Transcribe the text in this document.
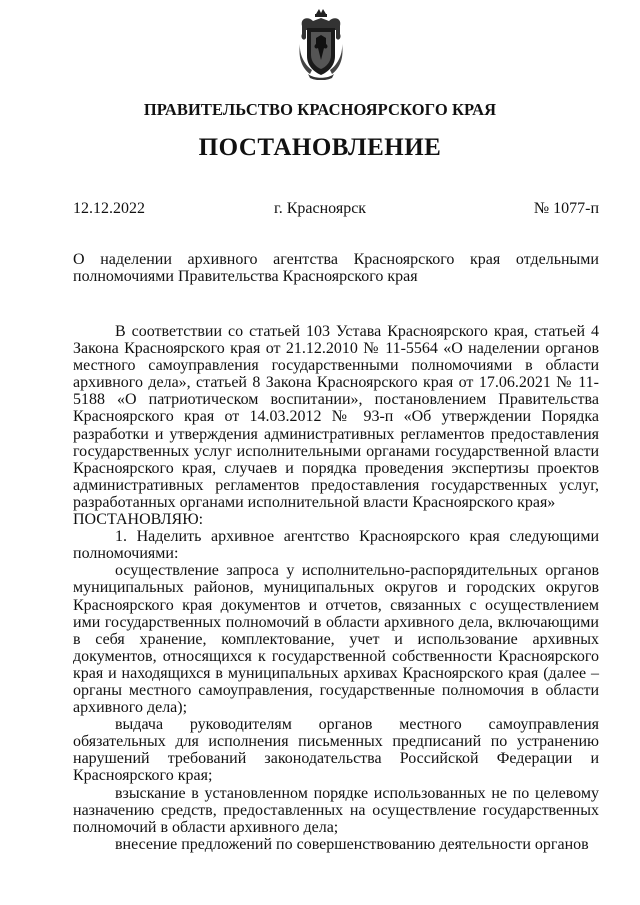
ПРАВИТЕЛЬСТВО КРАСНОЯРСКОГО КРАЯ
ПОСТАНОВЛЕНИЕ
12.12.2022	г. Красноярск	№ 1077-п
О наделении архивного агентства Красноярского края отдельными полномочиями Правительства Красноярского края

В соответствии со статьей 103 Устава Красноярского края, статьей 4 Закона Красноярского края от 21.12.2010 № 11-5564 «О наделении органов местного самоуправления государственными полномочиями в области архивного дела», статьей 8 Закона Красноярского края от 17.06.2021 № 11-5188 «О патриотическом воспитании», постановлением Правительства Красноярского края от 14.03.2012 № 93-п «Об утверждении Порядка разработки и утверждения административных регламентов предоставления государственных услуг исполнительными органами государственной власти Красноярского края, случаев и порядка проведения экспертизы проектов административных регламентов предоставления государственных услуг, разработанных органами исполнительной власти Красноярского края»

ПОСТАНОВЛЯЮ:

1. Наделить архивное агентство Красноярского края следующими полномочиями:

осуществление запроса у исполнительно-распорядительных органов муниципальных районов, муниципальных округов и городских округов Красноярского края документов и отчетов, связанных с осуществлением ими государственных полномочий в области архивного дела, включающими в себя хранение, комплектование, учет и использование архивных документов, относящихся к государственной собственности Красноярского края и находящихся в муниципальных архивах Красноярского края (далее – органы местного самоуправления, государственные полномочия в области архивного дела);

выдача руководителям органов местного самоуправления обязательных для исполнения письменных предписаний по устранению нарушений требований законодательства Российской Федерации и Красноярского края;

взыскание в установленном порядке использованных не по целевому назначению средств, предоставленных на осуществление государственных полномочий в области архивного дела;

внесение предложений по совершенствованию деятельности органов
